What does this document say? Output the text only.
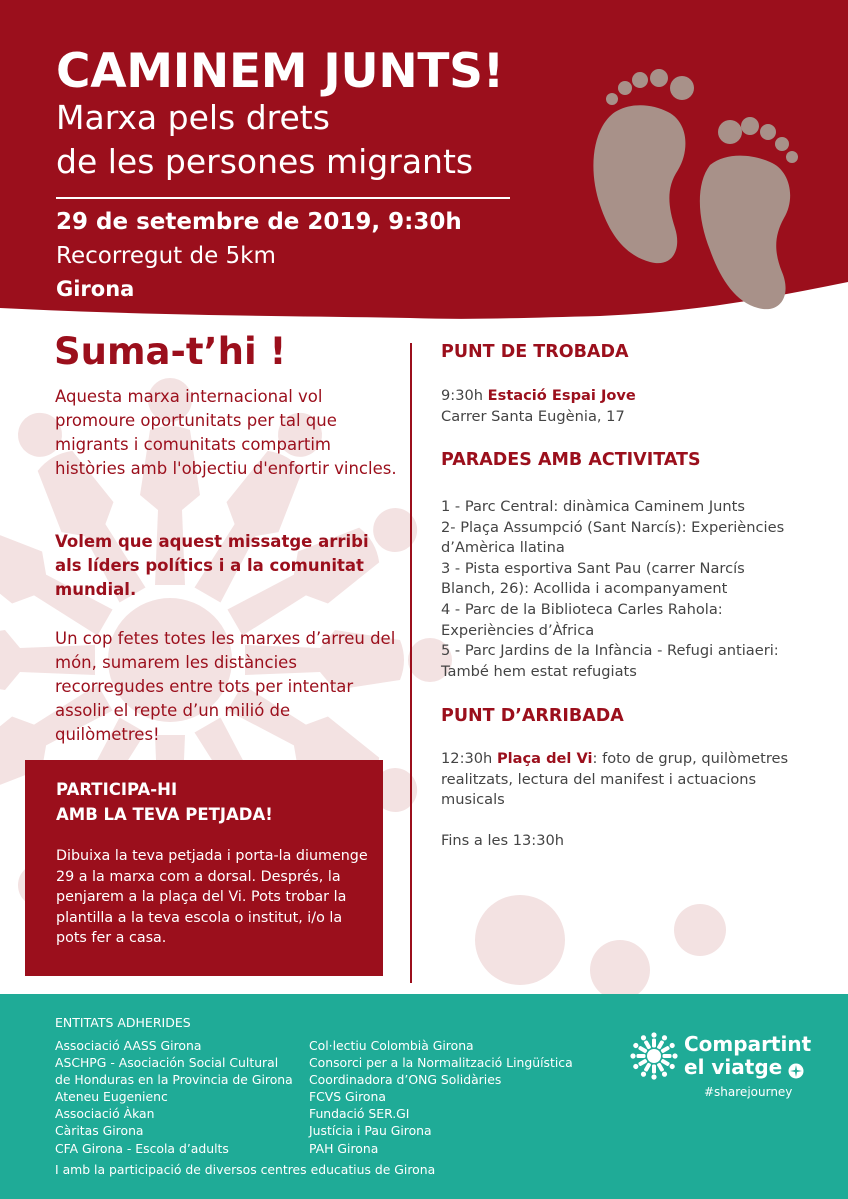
CAMINEM JUNTS!
Marxa pels drets
de les persones migrants
29 de setembre de 2019, 9:30h
Recorregut de 5km
Girona
Suma-t’hi !

Aquesta marxa internacional vol promoure oportunitats per tal que migrants i comunitats compartim històries amb l'objectiu d'enfortir vincles.

Volem que aquest missatge arribi als líders polítics i a la comunitat mundial.

Un cop fetes totes les marxes d’arreu del món, sumarem les distàncies recorregudes entre tots per intentar assolir el repte d’un milió de quilòmetres!

PARTICIPA-HI
AMB LA TEVA PETJADA!

Dibuixa la teva petjada i porta-la diumenge 29 a la marxa com a dorsal. Després, la penjarem a la plaça del Vi. Pots trobar la plantilla a la teva escola o institut, i/o la pots fer a casa.

PUNT DE TROBADA

9:30h Estació Espai Jove
Carrer Santa Eugènia, 17

PARADES AMB ACTIVITATS
1 - Parc Central: dinàmica Caminem Junts
2- Plaça Assumpció (Sant Narcís): Experiències d’Amèrica llatina
3 - Pista esportiva Sant Pau (carrer Narcís Blanch, 26): Acollida i acompanyament
4 - Parc de la Biblioteca Carles Rahola: Experiències d’Àfrica
5 - Parc Jardins de la Infància - Refugi antiaeri: També hem estat refugiats
PUNT D’ARRIBADA

12:30h Plaça del Vi: foto de grup, quilòmetres realitzats, lectura del manifest i actuacions musicals

Fins a les 13:30h

ENTITATS ADHERIDES
Associació AASS Girona
ASCHPG - Asociación Social Cultural
de Honduras en la Provincia de Girona
Ateneu Eugenienc
Associació Àkan
Càritas Girona
CFA Girona - Escola d’adults
Col·lectiu Colombià Girona
Consorci per a la Normalització Lingüística
Coordinadora d’ONG Solidàries
FCVS Girona
Fundació SER.GI
Justícia i Pau Girona
PAH Girona
I amb la participació de diversos centres educatius de Girona
Compartint
el viatge
#sharejourney
